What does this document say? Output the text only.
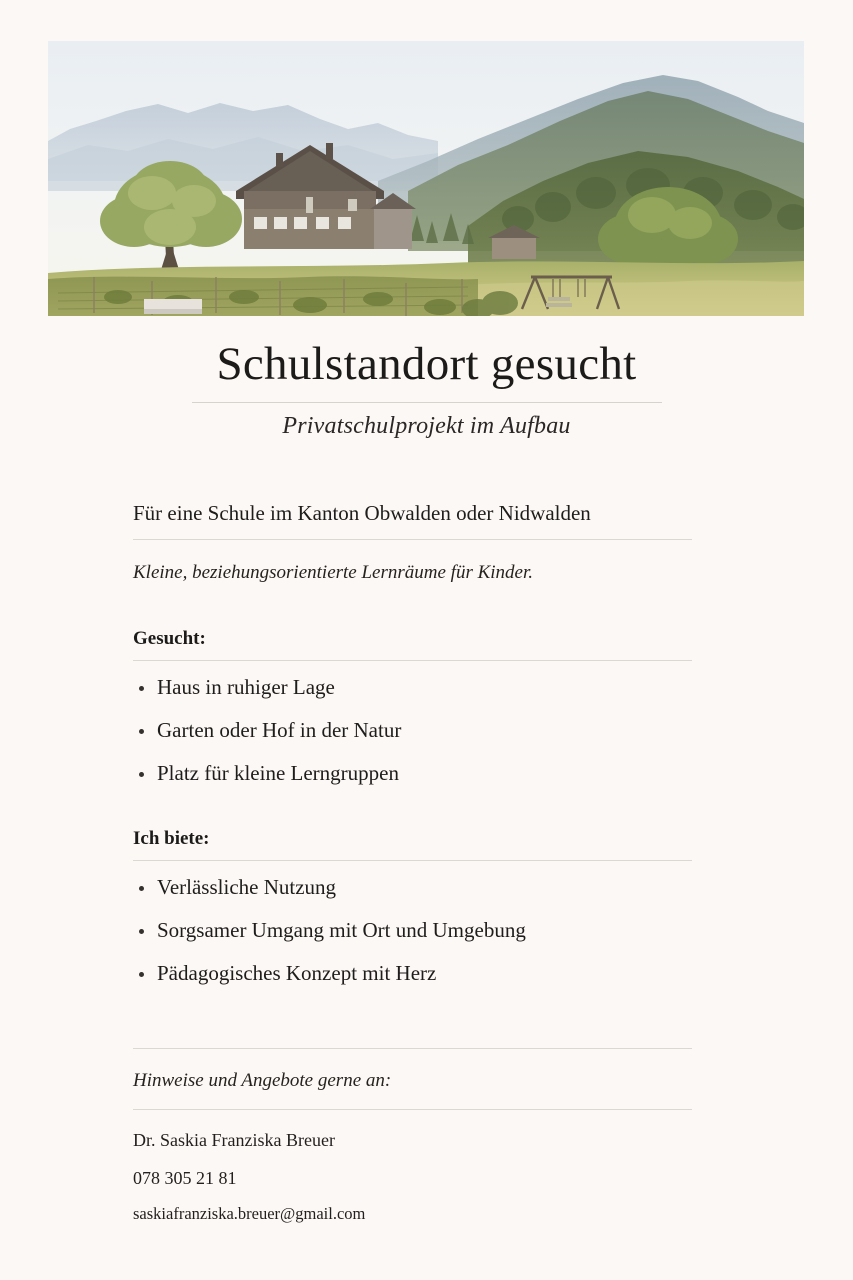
Schulstandort gesucht

Privatschulprojekt im Aufbau

Für eine Schule im Kanton Obwalden oder Nidwalden

Kleine, beziehungsorientierte Lernräume für Kinder.

Gesucht:

Haus in ruhiger Lage
Garten oder Hof in der Natur
Platz für kleine Lerngruppen

Ich biete:

Verlässliche Nutzung
Sorgsamer Umgang mit Ort und Umgebung
Pädagogisches Konzept mit Herz

Hinweise und Angebote gerne an:

Dr. Saskia Franziska Breuer

078 305 21 81

saskiafranziska.breuer@gmail.com
